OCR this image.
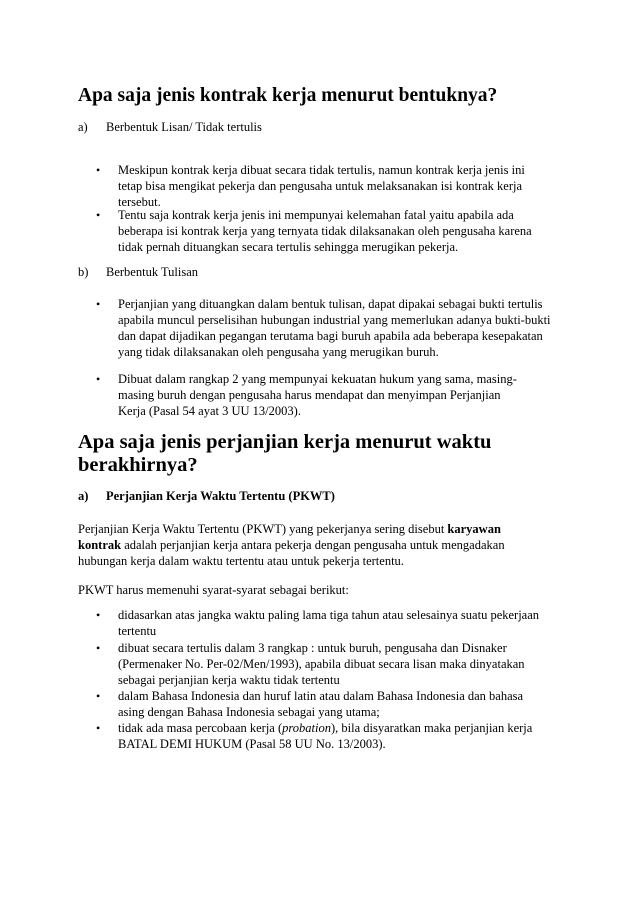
Apa saja jenis kontrak kerja menurut bentuknya?
a) Berbentuk Lisan/ Tidak tertulis
• Meskipun kontrak kerja dibuat secara tidak tertulis, namun kontrak kerja jenis ini
tetap bisa mengikat pekerja dan pengusaha untuk melaksanakan isi kontrak kerja
tersebut.
• Tentu saja kontrak kerja jenis ini mempunyai kelemahan fatal yaitu apabila ada
beberapa isi kontrak kerja yang ternyata tidak dilaksanakan oleh pengusaha karena
tidak pernah dituangkan secara tertulis sehingga merugikan pekerja.
b) Berbentuk Tulisan
• Perjanjian yang dituangkan dalam bentuk tulisan, dapat dipakai sebagai bukti tertulis
apabila muncul perselisihan hubungan industrial yang memerlukan adanya bukti-bukti
dan dapat dijadikan pegangan terutama bagi buruh apabila ada beberapa kesepakatan
yang tidak dilaksanakan oleh pengusaha yang merugikan buruh.
• Dibuat dalam rangkap 2 yang mempunyai kekuatan hukum yang sama, masing-
masing buruh dengan pengusaha harus mendapat dan menyimpan Perjanjian
Kerja (Pasal 54 ayat 3 UU 13/2003).
Apa saja jenis perjanjian kerja menurut waktu
berakhirnya?
a) Perjanjian Kerja Waktu Tertentu (PKWT)
Perjanjian Kerja Waktu Tertentu (PKWT) yang pekerjanya sering disebut karyawan
kontrak adalah perjanjian kerja antara pekerja dengan pengusaha untuk mengadakan
hubungan kerja dalam waktu tertentu atau untuk pekerja tertentu.
PKWT harus memenuhi syarat-syarat sebagai berikut:
• didasarkan atas jangka waktu paling lama tiga tahun atau selesainya suatu pekerjaan
tertentu
• dibuat secara tertulis dalam 3 rangkap : untuk buruh, pengusaha dan Disnaker
(Permenaker No. Per-02/Men/1993), apabila dibuat secara lisan maka dinyatakan
sebagai perjanjian kerja waktu tidak tertentu
• dalam Bahasa Indonesia dan huruf latin atau dalam Bahasa Indonesia dan bahasa
asing dengan Bahasa Indonesia sebagai yang utama;
• tidak ada masa percobaan kerja (probation), bila disyaratkan maka perjanjian kerja
BATAL DEMI HUKUM (Pasal 58 UU No. 13/2003).
